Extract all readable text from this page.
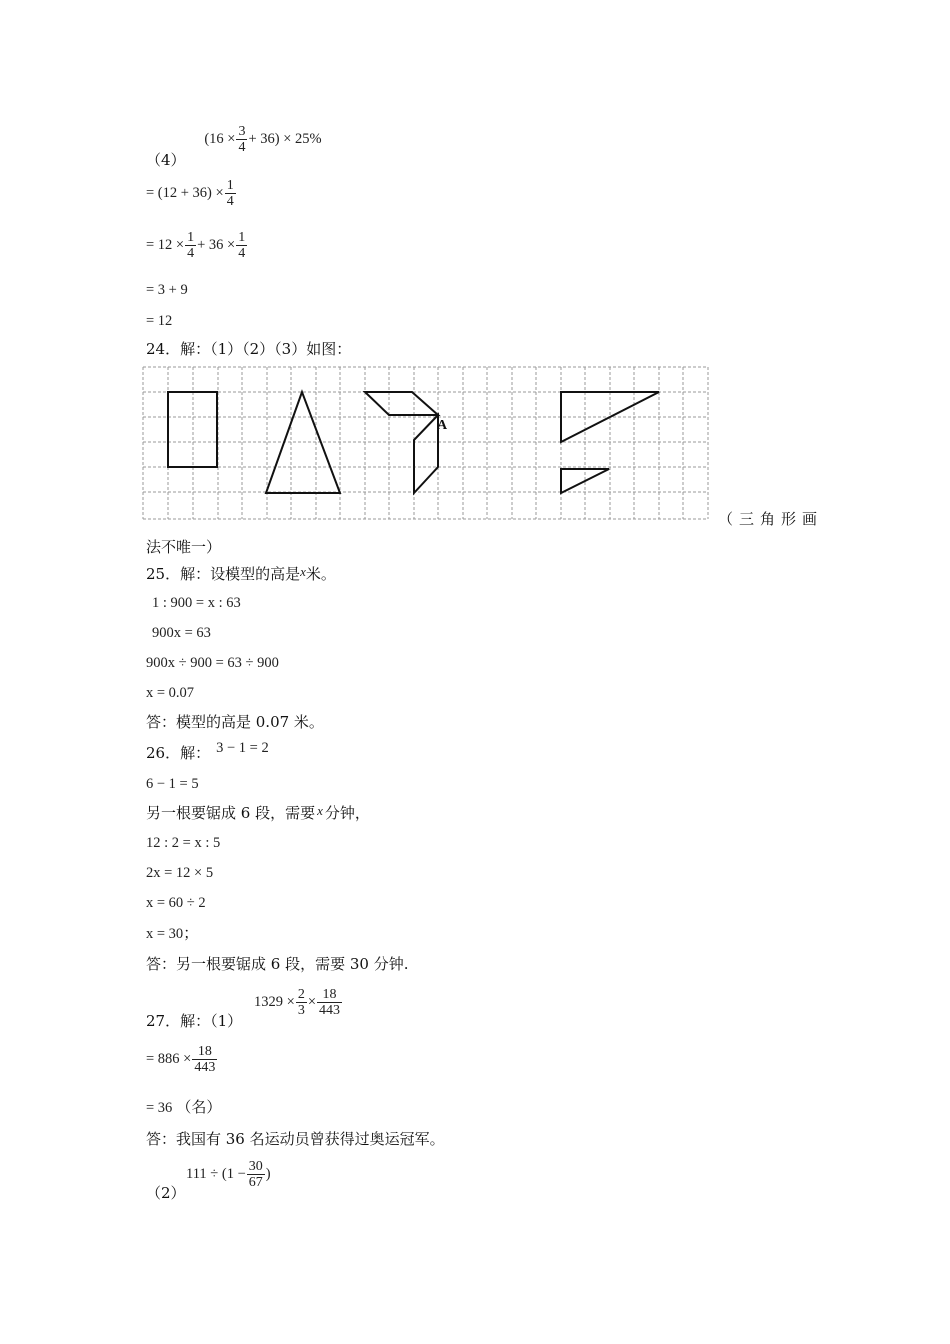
（4） $(16 \times \frac{3}{4} + 36) \times 25\%$
= $(12 + 36) \times \frac{1}{4}$
= $12 \times \frac{1}{4} + 36 \times \frac{1}{4}$
= 3 + 9
= 12
24．解：（1）（2）（3）如图：
A
（三角形画
法不唯一）
25．解：设模型的高是x米。
1 : 900 = x : 63
900x = 63
900x ÷ 900 = 63 ÷ 900
x = 0.07
答：模型的高是 0.07 米。
26．解： 3 − 1 = 2
6 − 1 = 5
另一根要锯成 6 段，需要 x 分钟，
12 : 2 = x : 5
2x = 12 × 5
x = 60 ÷ 2
x = 30；
答：另一根要锯成 6 段，需要 30 分钟.
27．解：（1）
$1329 \times \frac{2}{3} \times \frac{18}{443}$
= $886 \times \frac{18}{443}$
= 36 （名）
答：我国有 36 名运动员曾获得过奥运冠军。
（2）
$111 \div (1 - \frac{30}{67}$ )
